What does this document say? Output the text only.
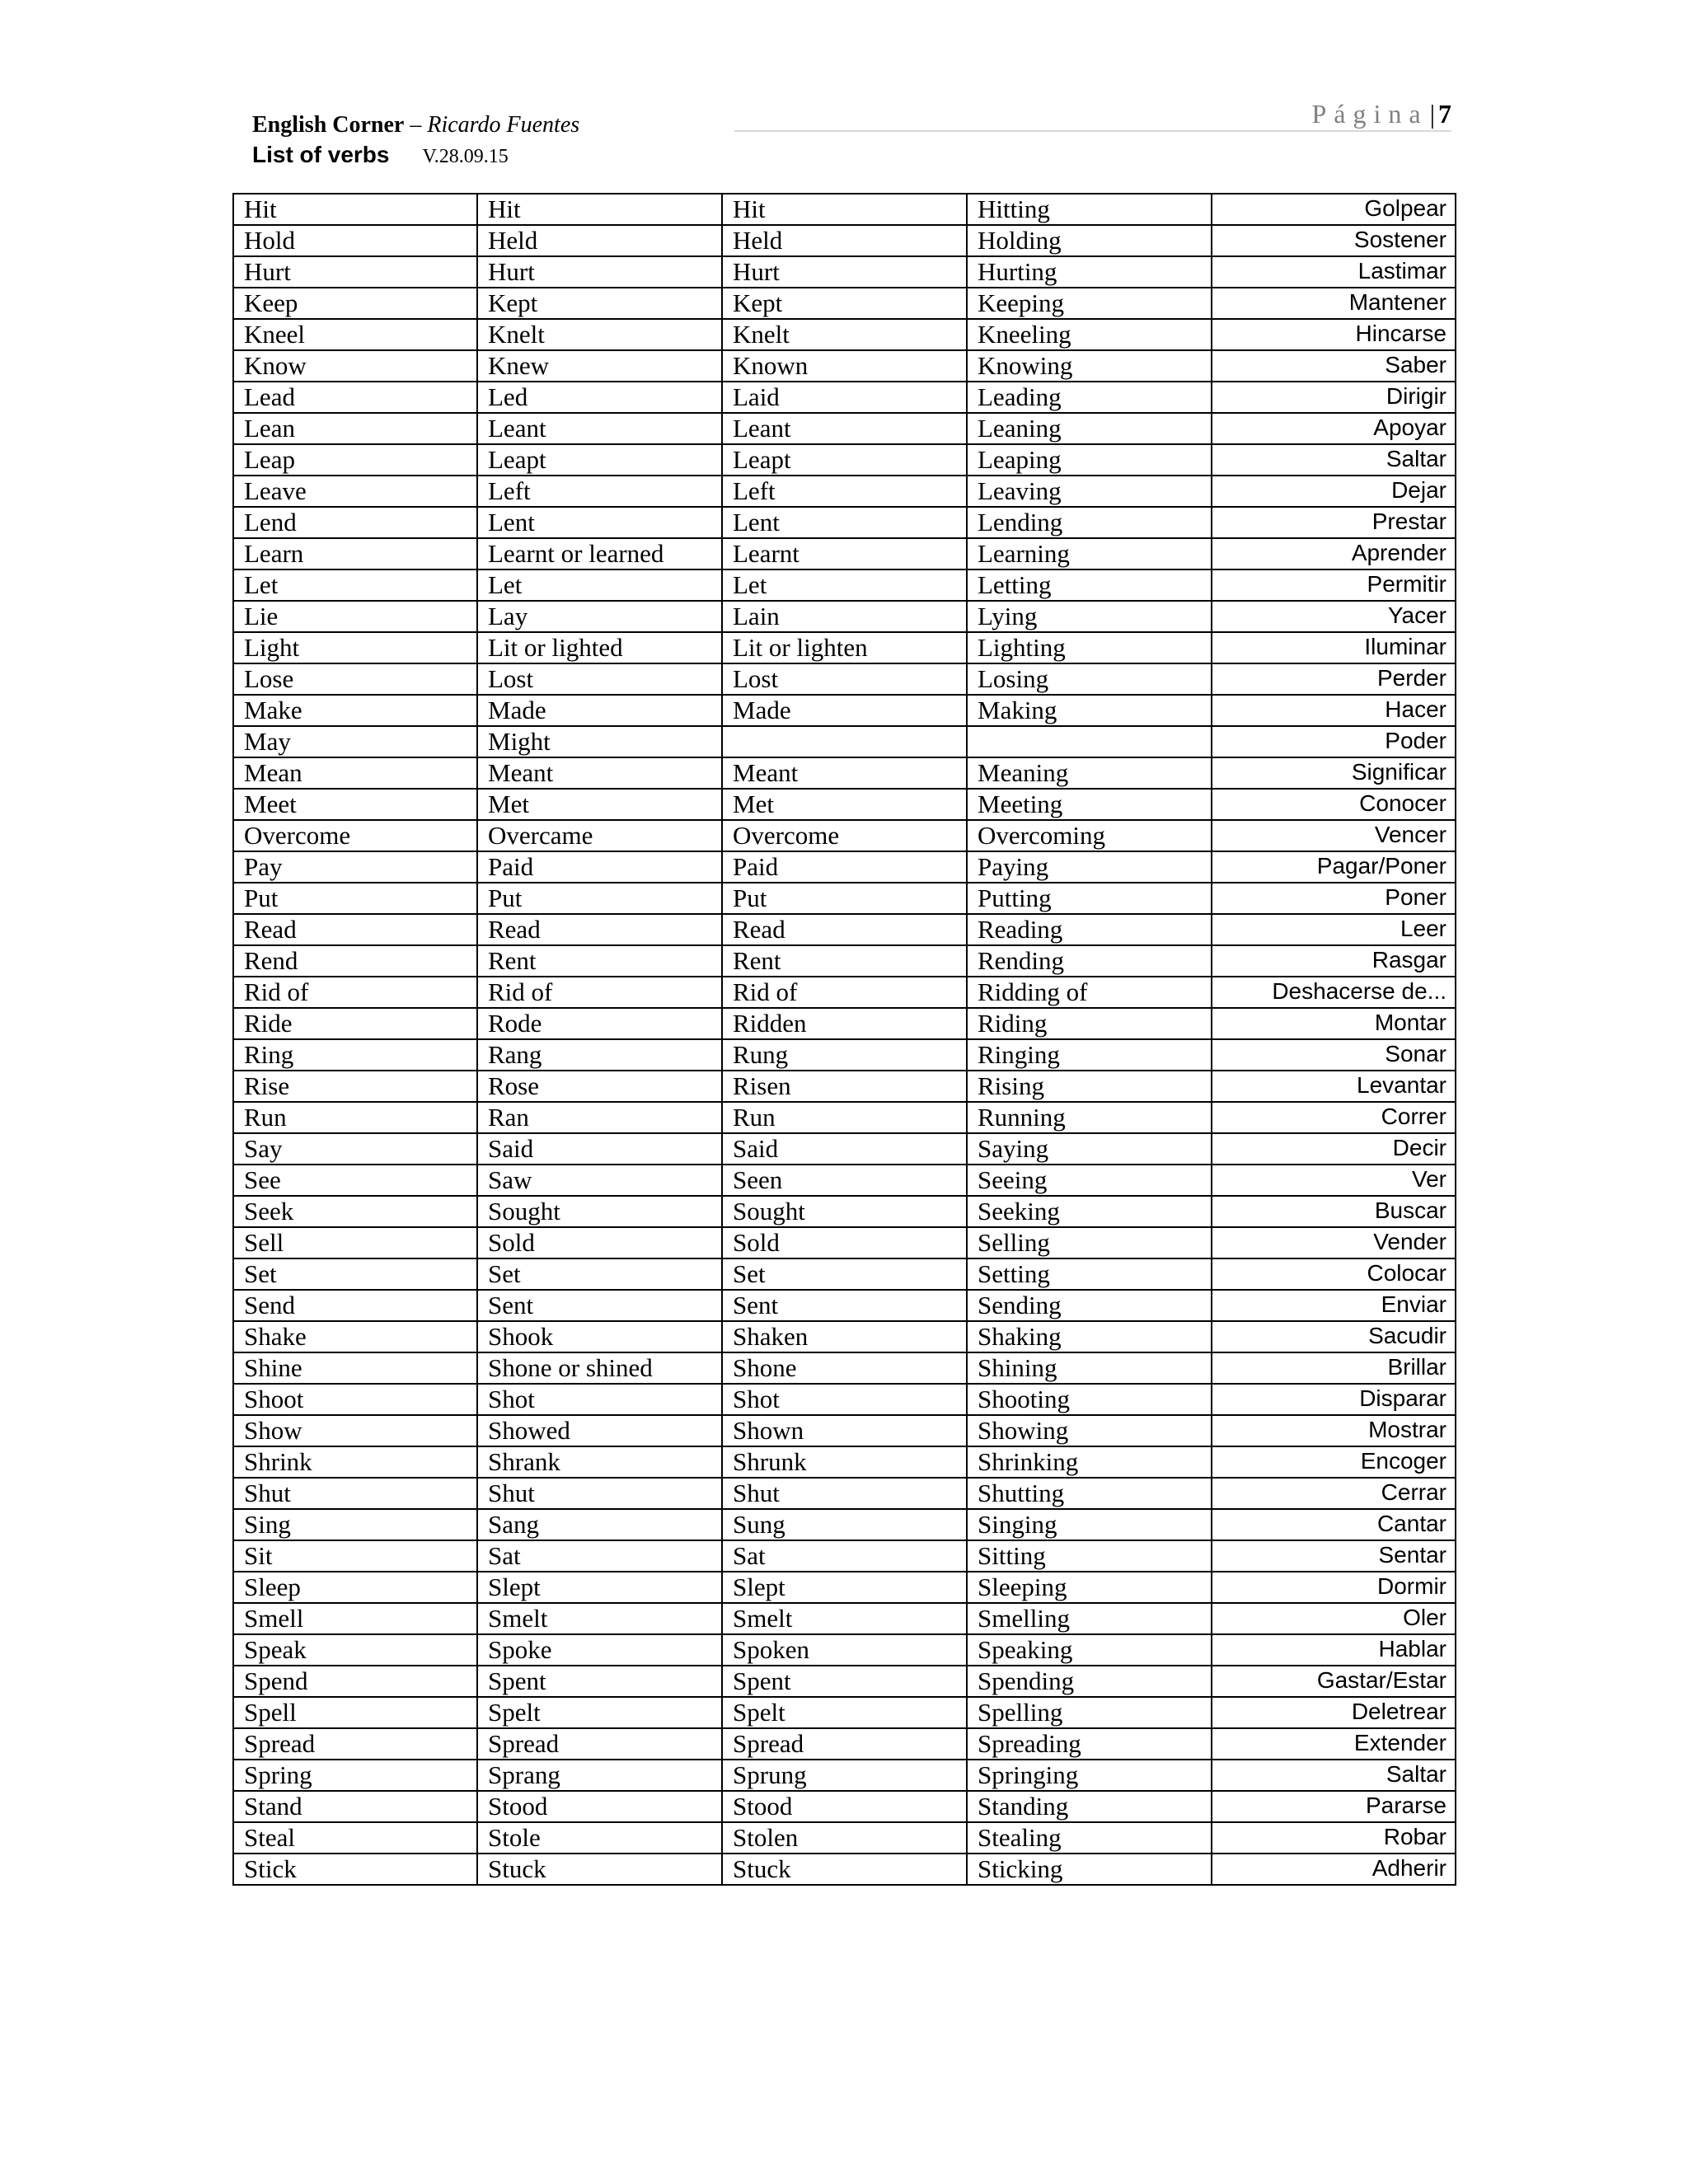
English Corner – Ricardo Fuentes
List of verbs V.28.09.15
Página| 7
Hit	Hit	Hit	Hitting	Golpear
Hold	Held	Held	Holding	Sostener
Hurt	Hurt	Hurt	Hurting	Lastimar
Keep	Kept	Kept	Keeping	Mantener
Kneel	Knelt	Knelt	Kneeling	Hincarse
Know	Knew	Known	Knowing	Saber
Lead	Led	Laid	Leading	Dirigir
Lean	Leant	Leant	Leaning	Apoyar
Leap	Leapt	Leapt	Leaping	Saltar
Leave	Left	Left	Leaving	Dejar
Lend	Lent	Lent	Lending	Prestar
Learn	Learnt or learned	Learnt	Learning	Aprender
Let	Let	Let	Letting	Permitir
Lie	Lay	Lain	Lying	Yacer
Light	Lit or lighted	Lit or lighten	Lighting	Iluminar
Lose	Lost	Lost	Losing	Perder
Make	Made	Made	Making	Hacer
May	Might			Poder
Mean	Meant	Meant	Meaning	Significar
Meet	Met	Met	Meeting	Conocer
Overcome	Overcame	Overcome	Overcoming	Vencer
Pay	Paid	Paid	Paying	Pagar/Poner
Put	Put	Put	Putting	Poner
Read	Read	Read	Reading	Leer
Rend	Rent	Rent	Rending	Rasgar
Rid of	Rid of	Rid of	Ridding of	Deshacerse de...
Ride	Rode	Ridden	Riding	Montar
Ring	Rang	Rung	Ringing	Sonar
Rise	Rose	Risen	Rising	Levantar
Run	Ran	Run	Running	Correr
Say	Said	Said	Saying	Decir
See	Saw	Seen	Seeing	Ver
Seek	Sought	Sought	Seeking	Buscar
Sell	Sold	Sold	Selling	Vender
Set	Set	Set	Setting	Colocar
Send	Sent	Sent	Sending	Enviar
Shake	Shook	Shaken	Shaking	Sacudir
Shine	Shone or shined	Shone	Shining	Brillar
Shoot	Shot	Shot	Shooting	Disparar
Show	Showed	Shown	Showing	Mostrar
Shrink	Shrank	Shrunk	Shrinking	Encoger
Shut	Shut	Shut	Shutting	Cerrar
Sing	Sang	Sung	Singing	Cantar
Sit	Sat	Sat	Sitting	Sentar
Sleep	Slept	Slept	Sleeping	Dormir
Smell	Smelt	Smelt	Smelling	Oler
Speak	Spoke	Spoken	Speaking	Hablar
Spend	Spent	Spent	Spending	Gastar/Estar
Spell	Spelt	Spelt	Spelling	Deletrear
Spread	Spread	Spread	Spreading	Extender
Spring	Sprang	Sprung	Springing	Saltar
Stand	Stood	Stood	Standing	Pararse
Steal	Stole	Stolen	Stealing	Robar
Stick	Stuck	Stuck	Sticking	Adherir
